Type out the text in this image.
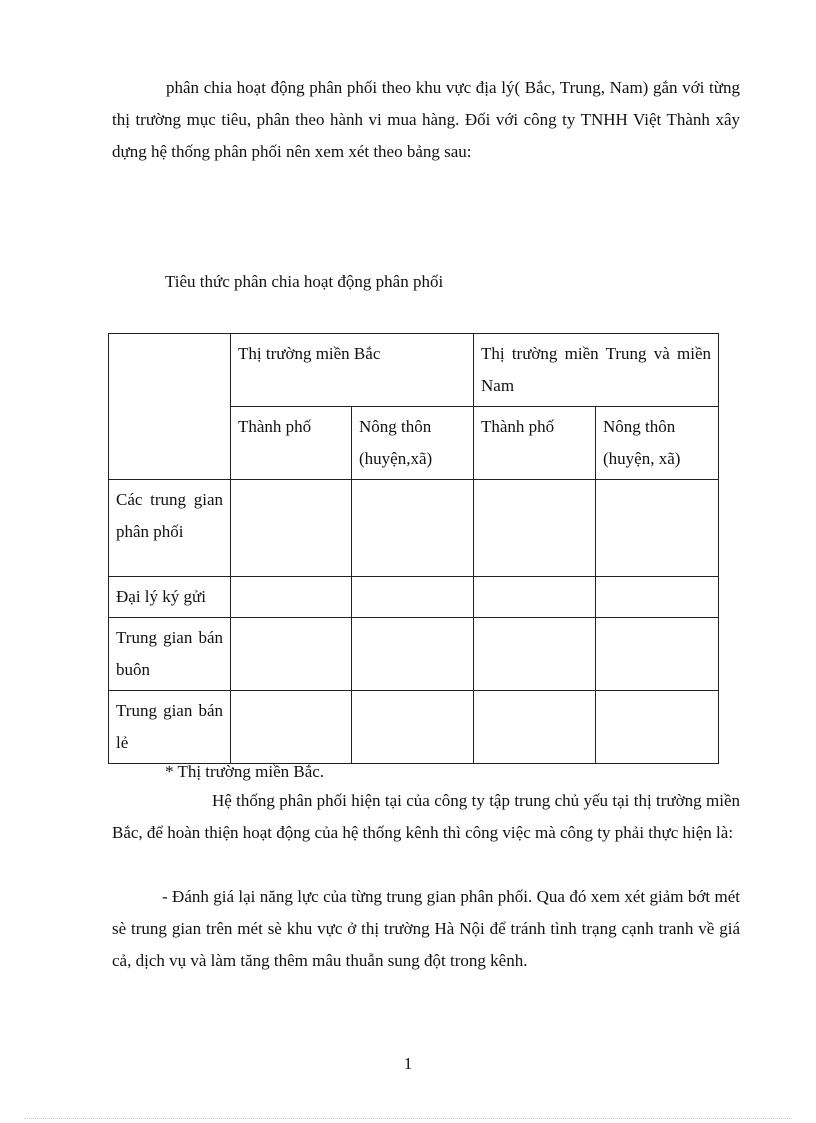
phân chia hoạt động phân phối theo khu vực địa lý( Bắc, Trung, Nam) gắn với từng thị trường mục tiêu, phân theo hành vi mua hàng. Đối với công ty TNHH Việt Thành xây dựng hệ thống phân phối nên xem xét theo bảng sau:

Tiêu thức phân chia hoạt động phân phối

	Thị trường miền Bắc		Thị trường miền Trung và miền Nam	
	Thành phố	Nông thôn (huyện,xã)	Thành phố	Nông thôn (huyện, xã)
Các trung gian phân phối				
Đại lý ký gửi				
Trung gian bán buôn				
Trung gian bán lẻ				

* Thị trường miền Bắc.

Hệ thống phân phối hiện tại của công ty tập trung chủ yếu tại thị trường miền Bắc, để hoàn thiện hoạt động của hệ thống kênh thì công việc mà công ty phải thực hiện là:

- Đánh giá lại năng lực của từng trung gian phân phối. Qua đó xem xét giảm bớt mét sè trung gian trên mét sè khu vực ở thị trường Hà Nội để tránh tình trạng cạnh tranh về giá cả, dịch vụ và làm tăng thêm mâu thuẫn sung đột trong kênh.

1
